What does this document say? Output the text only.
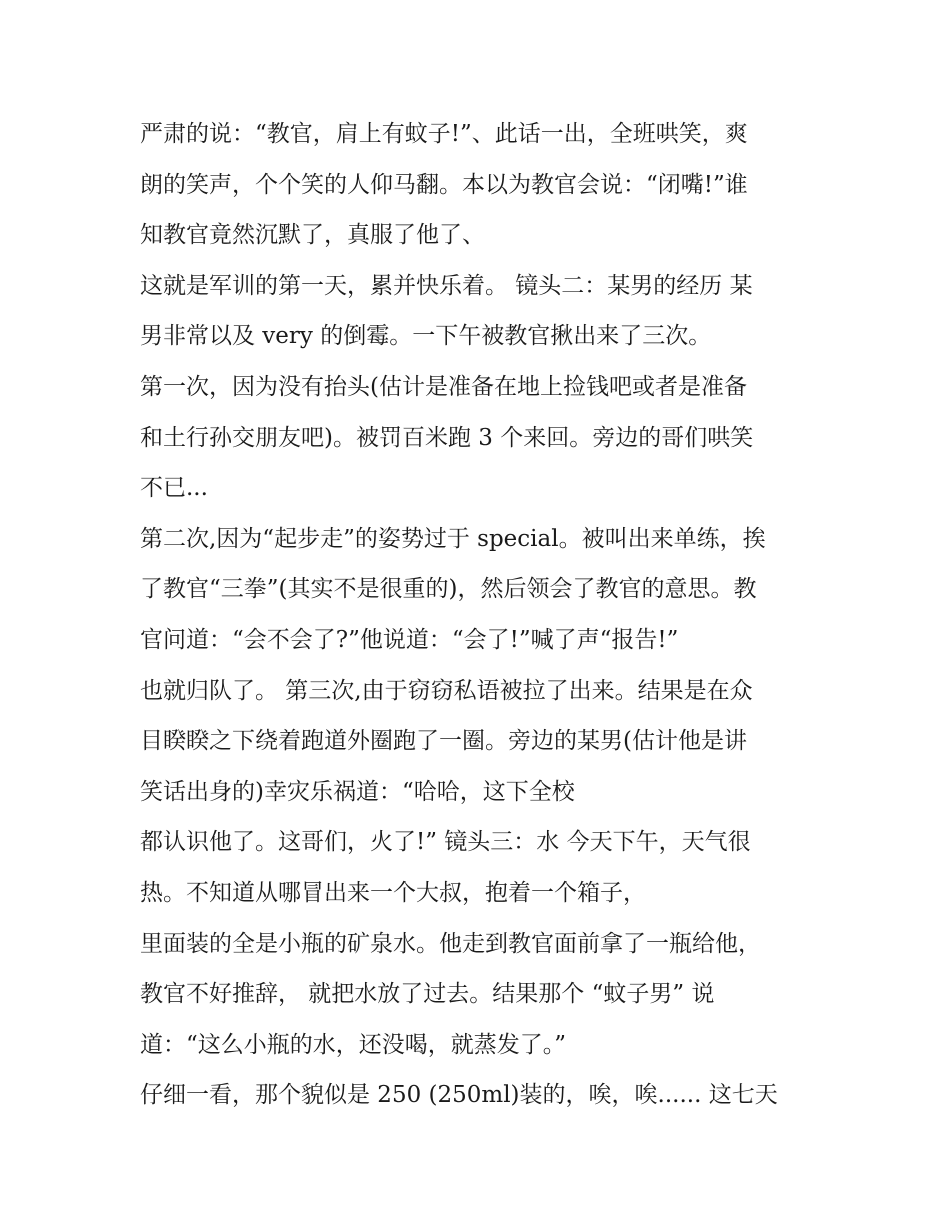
严肃的说：“教官，肩上有蚊子!”、此话一出，全班哄笑，爽
朗的笑声，个个笑的人仰马翻。本以为教官会说：“闭嘴!”谁
知教官竟然沉默了，真服了他了、
这就是军训的第一天，累并快乐着。 镜头二：某男的经历 某
男非常以及 very 的倒霉。一下午被教官揪出来了三次。
第一次，因为没有抬头(估计是准备在地上捡钱吧或者是准备
和土行孙交朋友吧)。被罚百米跑 3 个来回。旁边的哥们哄笑
不已...
第二次,因为“起步走”的姿势过于 special。被叫出来单练，挨
了教官“三拳”(其实不是很重的)，然后领会了教官的意思。教
官问道：“会不会了?”他说道：“会了!”喊了声“报告!”
也就归队了。 第三次,由于窃窃私语被拉了出来。结果是在众
目睽睽之下绕着跑道外圈跑了一圈。旁边的某男(估计他是讲
笑话出身的)幸灾乐祸道：“哈哈，这下全校
都认识他了。这哥们，火了!” 镜头三：水 今天下午，天气很
热。不知道从哪冒出来一个大叔，抱着一个箱子，
里面装的全是小瓶的矿泉水。他走到教官面前拿了一瓶给他，
教官不好推辞， 就把水放了过去。结果那个 “蚊子男” 说
道：“这么小瓶的水，还没喝，就蒸发了。”
仔细一看，那个貌似是 250 (250ml)装的，唉，唉...... 这七天
